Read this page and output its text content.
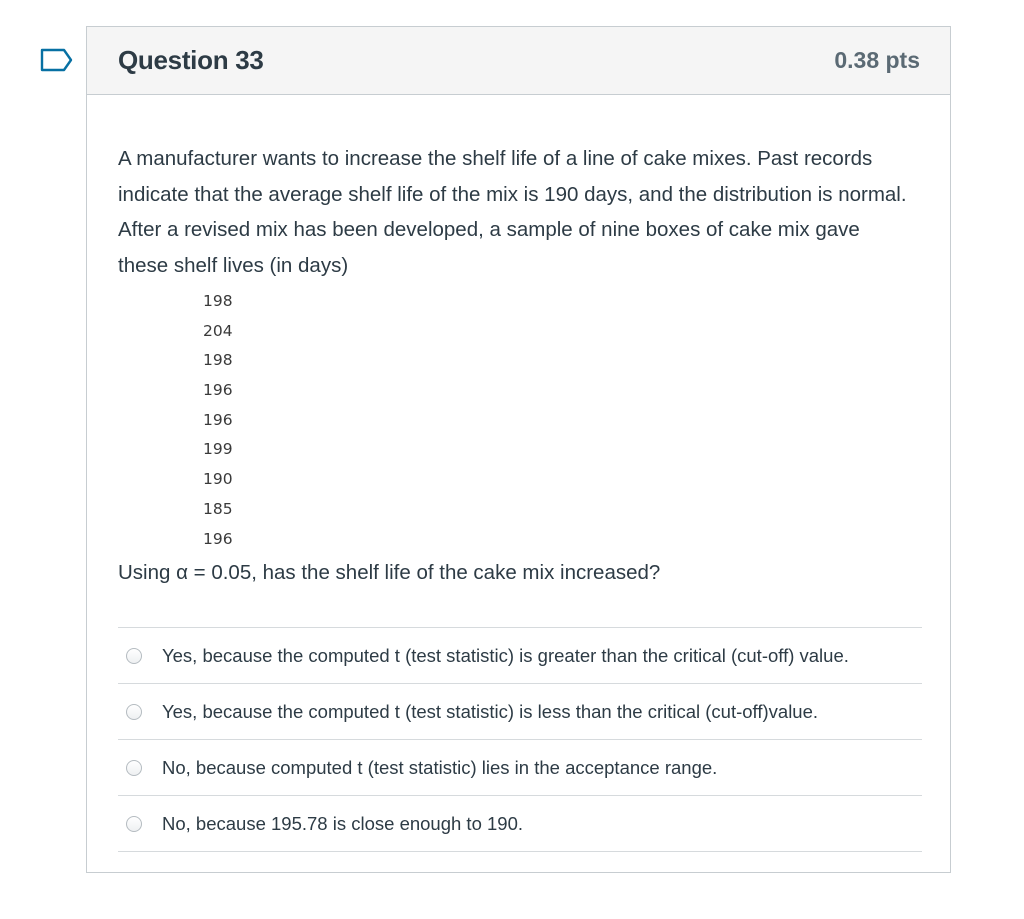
Question 33	0.38 pts

A manufacturer wants to increase the shelf life of a line of cake mixes. Past records indicate that the average shelf life of the mix is 190 days, and the distribution is normal. After a revised mix has been developed, a sample of nine boxes of cake mix gave these shelf lives (in days)

198
204
198
196
196
199
190
185
196

Using α = 0.05, has the shelf life of the cake mix increased?

Yes, because the computed t (test statistic) is greater than the critical (cut-off) value.
Yes, because the computed t (test statistic) is less than the critical (cut-off)value.
No, because computed t (test statistic) lies in the acceptance range.
No, because 195.78 is close enough to 190.
